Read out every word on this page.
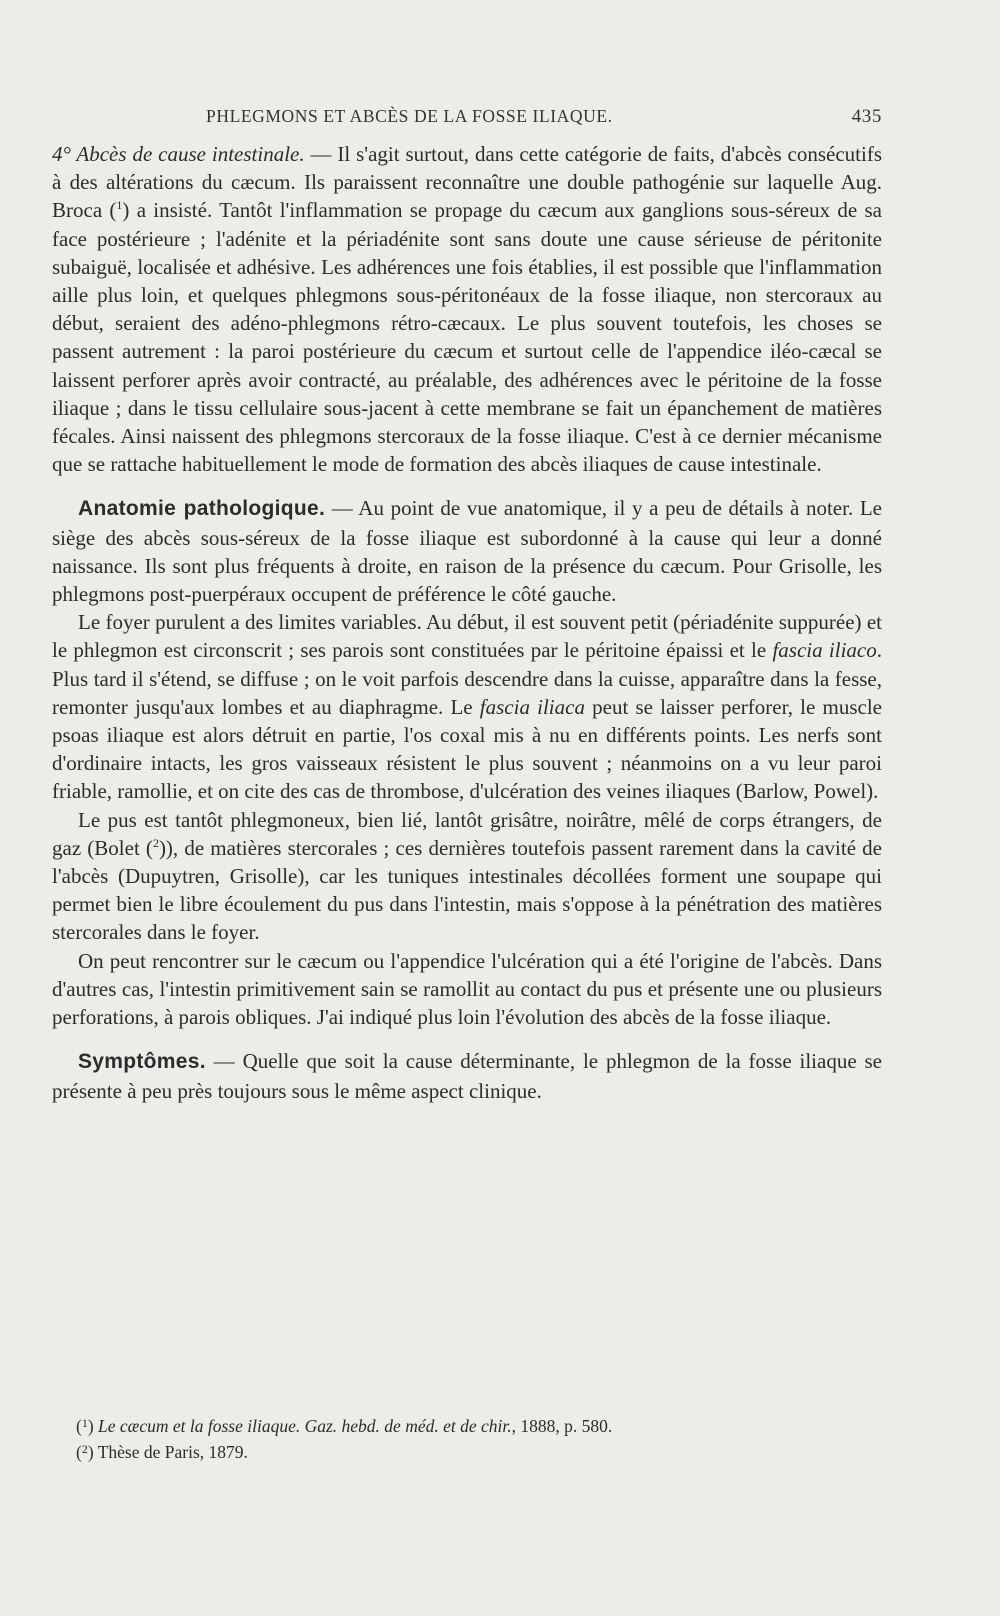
PHLEGMONS ET ABCÈS DE LA FOSSE ILIAQUE.	435

4° Abcès de cause intestinale. — Il s'agit surtout, dans cette catégorie de faits, d'abcès consécutifs à des altérations du cæcum. Ils paraissent reconnaître une double pathogénie sur laquelle Aug. Broca ($^1$) a insisté. Tantôt l'inflammation se propage du cæcum aux ganglions sous-séreux de sa face postérieure ; l'adénite et la périadénite sont sans doute une cause sérieuse de péritonite subaiguë, localisée et adhésive. Les adhérences une fois établies, il est possible que l'inflammation aille plus loin, et quelques phlegmons sous-péritonéaux de la fosse iliaque, non stercoraux au début, seraient des adéno-phlegmons rétro-cæcaux. Le plus souvent toutefois, les choses se passent autrement : la paroi postérieure du cæcum et surtout celle de l'appendice iléo-cæcal se laissent perforer après avoir contracté, au préalable, des adhérences avec le péritoine de la fosse iliaque ; dans le tissu cellulaire sous-jacent à cette membrane se fait un épanchement de matières fécales. Ainsi naissent des phlegmons stercoraux de la fosse iliaque. C'est à ce dernier mécanisme que se rattache habituellement le mode de formation des abcès iliaques de cause intestinale.

Anatomie pathologique. — Au point de vue anatomique, il y a peu de détails à noter. Le siège des abcès sous-séreux de la fosse iliaque est subordonné à la cause qui leur a donné naissance. Ils sont plus fréquents à droite, en raison de la présence du cæcum. Pour Grisolle, les phlegmons post-puerpéraux occupent de préférence le côté gauche.

Le foyer purulent a des limites variables. Au début, il est souvent petit (périadénite suppurée) et le phlegmon est circonscrit ; ses parois sont constituées par le péritoine épaissi et le fascia iliaco. Plus tard il s'étend, se diffuse ; on le voit parfois descendre dans la cuisse, apparaître dans la fesse, remonter jusqu'aux lombes et au diaphragme. Le fascia iliaca peut se laisser perforer, le muscle psoas iliaque est alors détruit en partie, l'os coxal mis à nu en différents points. Les nerfs sont d'ordinaire intacts, les gros vaisseaux résistent le plus souvent ; néanmoins on a vu leur paroi friable, ramollie, et on cite des cas de thrombose, d'ulcération des veines iliaques (Barlow, Powel).

Le pus est tantôt phlegmoneux, bien lié, lantôt grisâtre, noirâtre, mêlé de corps étrangers, de gaz (Bolet ($^2$)), de matières stercorales ; ces dernières toutefois passent rarement dans la cavité de l'abcès (Dupuytren, Grisolle), car les tuniques intestinales décollées forment une soupape qui permet bien le libre écoulement du pus dans l'intestin, mais s'oppose à la pénétration des matières stercorales dans le foyer.

On peut rencontrer sur le cæcum ou l'appendice l'ulcération qui a été l'origine de l'abcès. Dans d'autres cas, l'intestin primitivement sain se ramollit au contact du pus et présente une ou plusieurs perforations, à parois obliques. J'ai indiqué plus loin l'évolution des abcès de la fosse iliaque.

Symptômes. — Quelle que soit la cause déterminante, le phlegmon de la fosse iliaque se présente à peu près toujours sous le même aspect clinique.

($^1$) Le cæcum et la fosse iliaque. Gaz. hebd. de méd. et de chir., 1888, p. 580.

($^2$) Thèse de Paris, 1879.
